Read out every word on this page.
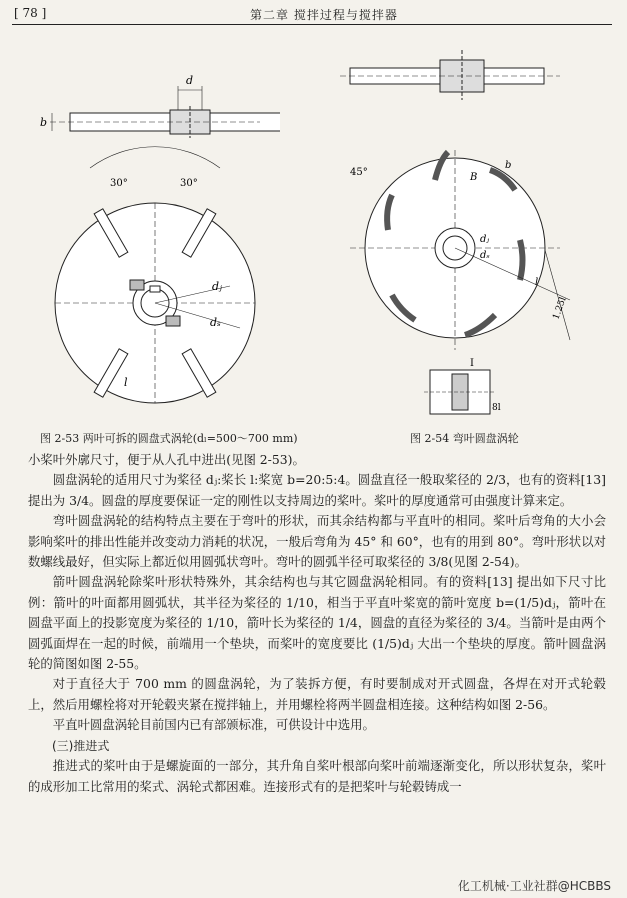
[ 78 ]	第二章 搅拌过程与搅拌器
d
b
30°	30°
dⱼ
dₛ
l
图 2-53 两叶可拆的圆盘式涡轮(dₗ=500～700 mm)
45°	B
b
dⱼ
dₛ
l
1.25l
I
8l
图 2-54 弯叶圆盘涡轮

小桨叶外廓尺寸，便于从人孔中进出(见图 2-53)。

圆盘涡轮的适用尺寸为桨径 dⱼ:桨长 l:桨宽 b=20:5:4。圆盘直径一般取桨径的 2/3，也有的资料[13] 提出为 3/4。圆盘的厚度要保证一定的刚性以支持周边的桨叶。桨叶的厚度通常可由强度计算来定。

弯叶圆盘涡轮的结构特点主要在于弯叶的形状，而其余结构都与平直叶的相同。桨叶后弯角的大小会影响桨叶的排出性能并改变动力消耗的状况，一般后弯角为 45° 和 60°，也有的用到 80°。弯叶形状以对数螺线最好，但实际上都近似用圆弧状弯叶。弯叶的圆弧半径可取桨径的 3/8(见图 2-54)。

箭叶圆盘涡轮除桨叶形状特殊外，其余结构也与其它圆盘涡轮相同。有的资料[13] 提出如下尺寸比例：箭叶的叶面都用圆弧状，其半径为桨径的 1/10，相当于平直叶桨宽的箭叶宽度 b=(1/5)dⱼ，箭叶在圆盘平面上的投影宽度为桨径的 1/10，箭叶长为桨径的 1/4，圆盘的直径为桨径的 3/4。当箭叶是由两个圆弧面焊在一起的时候，前端用一个垫块，而桨叶的宽度要比 (1/5)dⱼ 大出一个垫块的厚度。箭叶圆盘涡轮的简图如图 2-55。

对于直径大于 700 mm 的圆盘涡轮，为了装拆方便，有时要制成对开式圆盘，各焊在对开式轮毂上，然后用螺栓将对开轮毂夹紧在搅拌轴上，并用螺栓将两半圆盘相连接。这种结构如图 2-56。

平直叶圆盘涡轮目前国内已有部颁标准，可供设计中选用。

(三)推进式

推进式的桨叶由于是螺旋面的一部分，其升角自桨叶根部向桨叶前端逐渐变化，所以形状复杂，桨叶的成形加工比常用的桨式、涡轮式都困难。连接形式有的是把桨叶与轮毂铸成一

化工机械·工业社群@HCBBS
